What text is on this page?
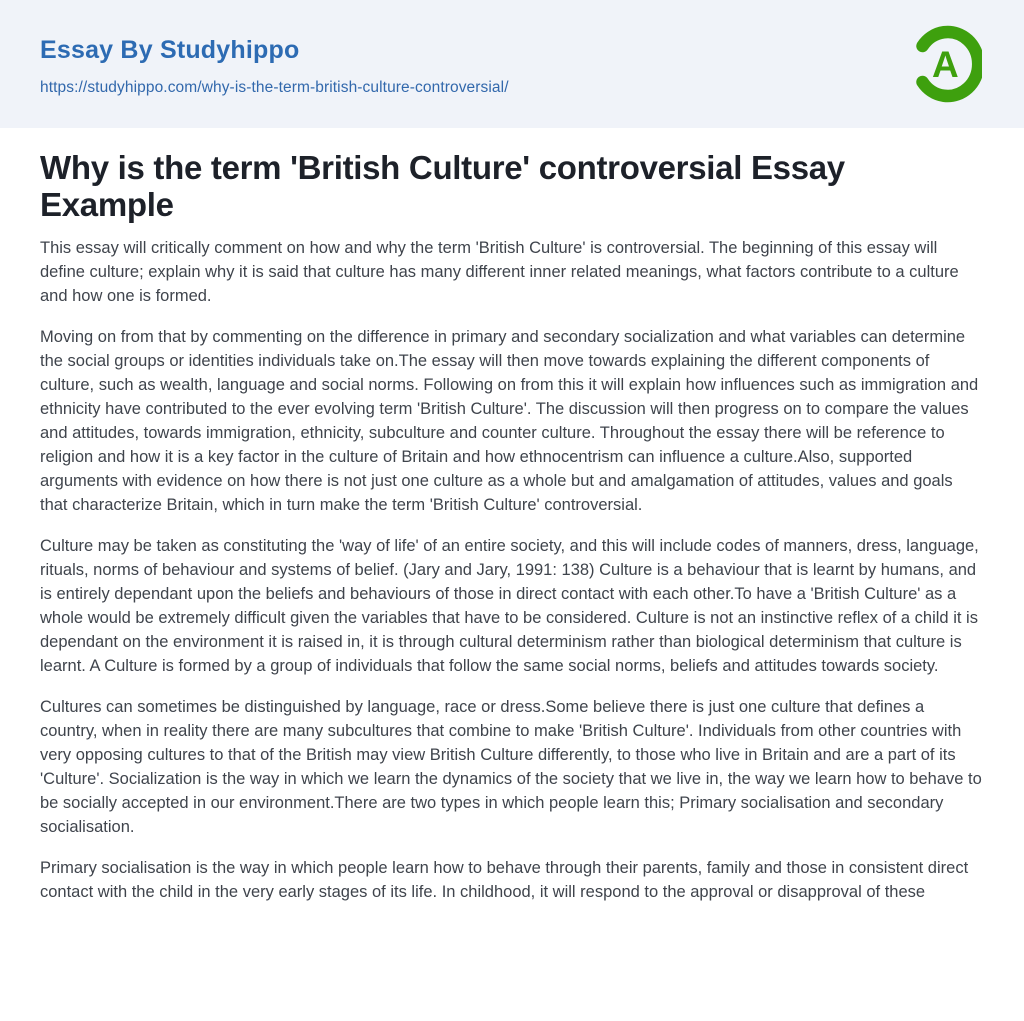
Essay By Studyhippo
https://studyhippo.com/why-is-the-term-british-culture-controversial/
A
Why is the term 'British Culture' controversial Essay Example

This essay will critically comment on how and why the term 'British Culture' is controversial. The beginning of this essay will define culture; explain why it is said that culture has many different inner related meanings, what factors contribute to a culture and how one is formed.

Moving on from that by commenting on the difference in primary and secondary socialization and what variables can determine the social groups or identities individuals take on.The essay will then move towards explaining the different components of culture, such as wealth, language and social norms. Following on from this it will explain how influences such as immigration and ethnicity have contributed to the ever evolving term 'British Culture'. The discussion will then progress on to compare the values and attitudes, towards immigration, ethnicity, subculture and counter culture. Throughout the essay there will be reference to religion and how it is a key factor in the culture of Britain and how ethnocentrism can influence a culture.Also, supported arguments with evidence on how there is not just one culture as a whole but and amalgamation of attitudes, values and goals that characterize Britain, which in turn make the term 'British Culture' controversial.

Culture may be taken as constituting the 'way of life' of an entire society, and this will include codes of manners, dress, language, rituals, norms of behaviour and systems of belief. (Jary and Jary, 1991: 138) Culture is a behaviour that is learnt by humans, and is entirely dependant upon the beliefs and behaviours of those in direct contact with each other.To have a 'British Culture' as a whole would be extremely difficult given the variables that have to be considered. Culture is not an instinctive reflex of a child it is dependant on the environment it is raised in, it is through cultural determinism rather than biological determinism that culture is learnt. A Culture is formed by a group of individuals that follow the same social norms, beliefs and attitudes towards society.

Cultures can sometimes be distinguished by language, race or dress.Some believe there is just one culture that defines a country, when in reality there are many subcultures that combine to make 'British Culture'. Individuals from other countries with very opposing cultures to that of the British may view British Culture differently, to those who live in Britain and are a part of its 'Culture'. Socialization is the way in which we learn the dynamics of the society that we live in, the way we learn how to behave to be socially accepted in our environment.There are two types in which people learn this; Primary socialisation and secondary socialisation.

Primary socialisation is the way in which people learn how to behave through their parents, family and those in consistent direct contact with the child in the very early stages of its life. In childhood, it will respond to the approval or disapproval of these
